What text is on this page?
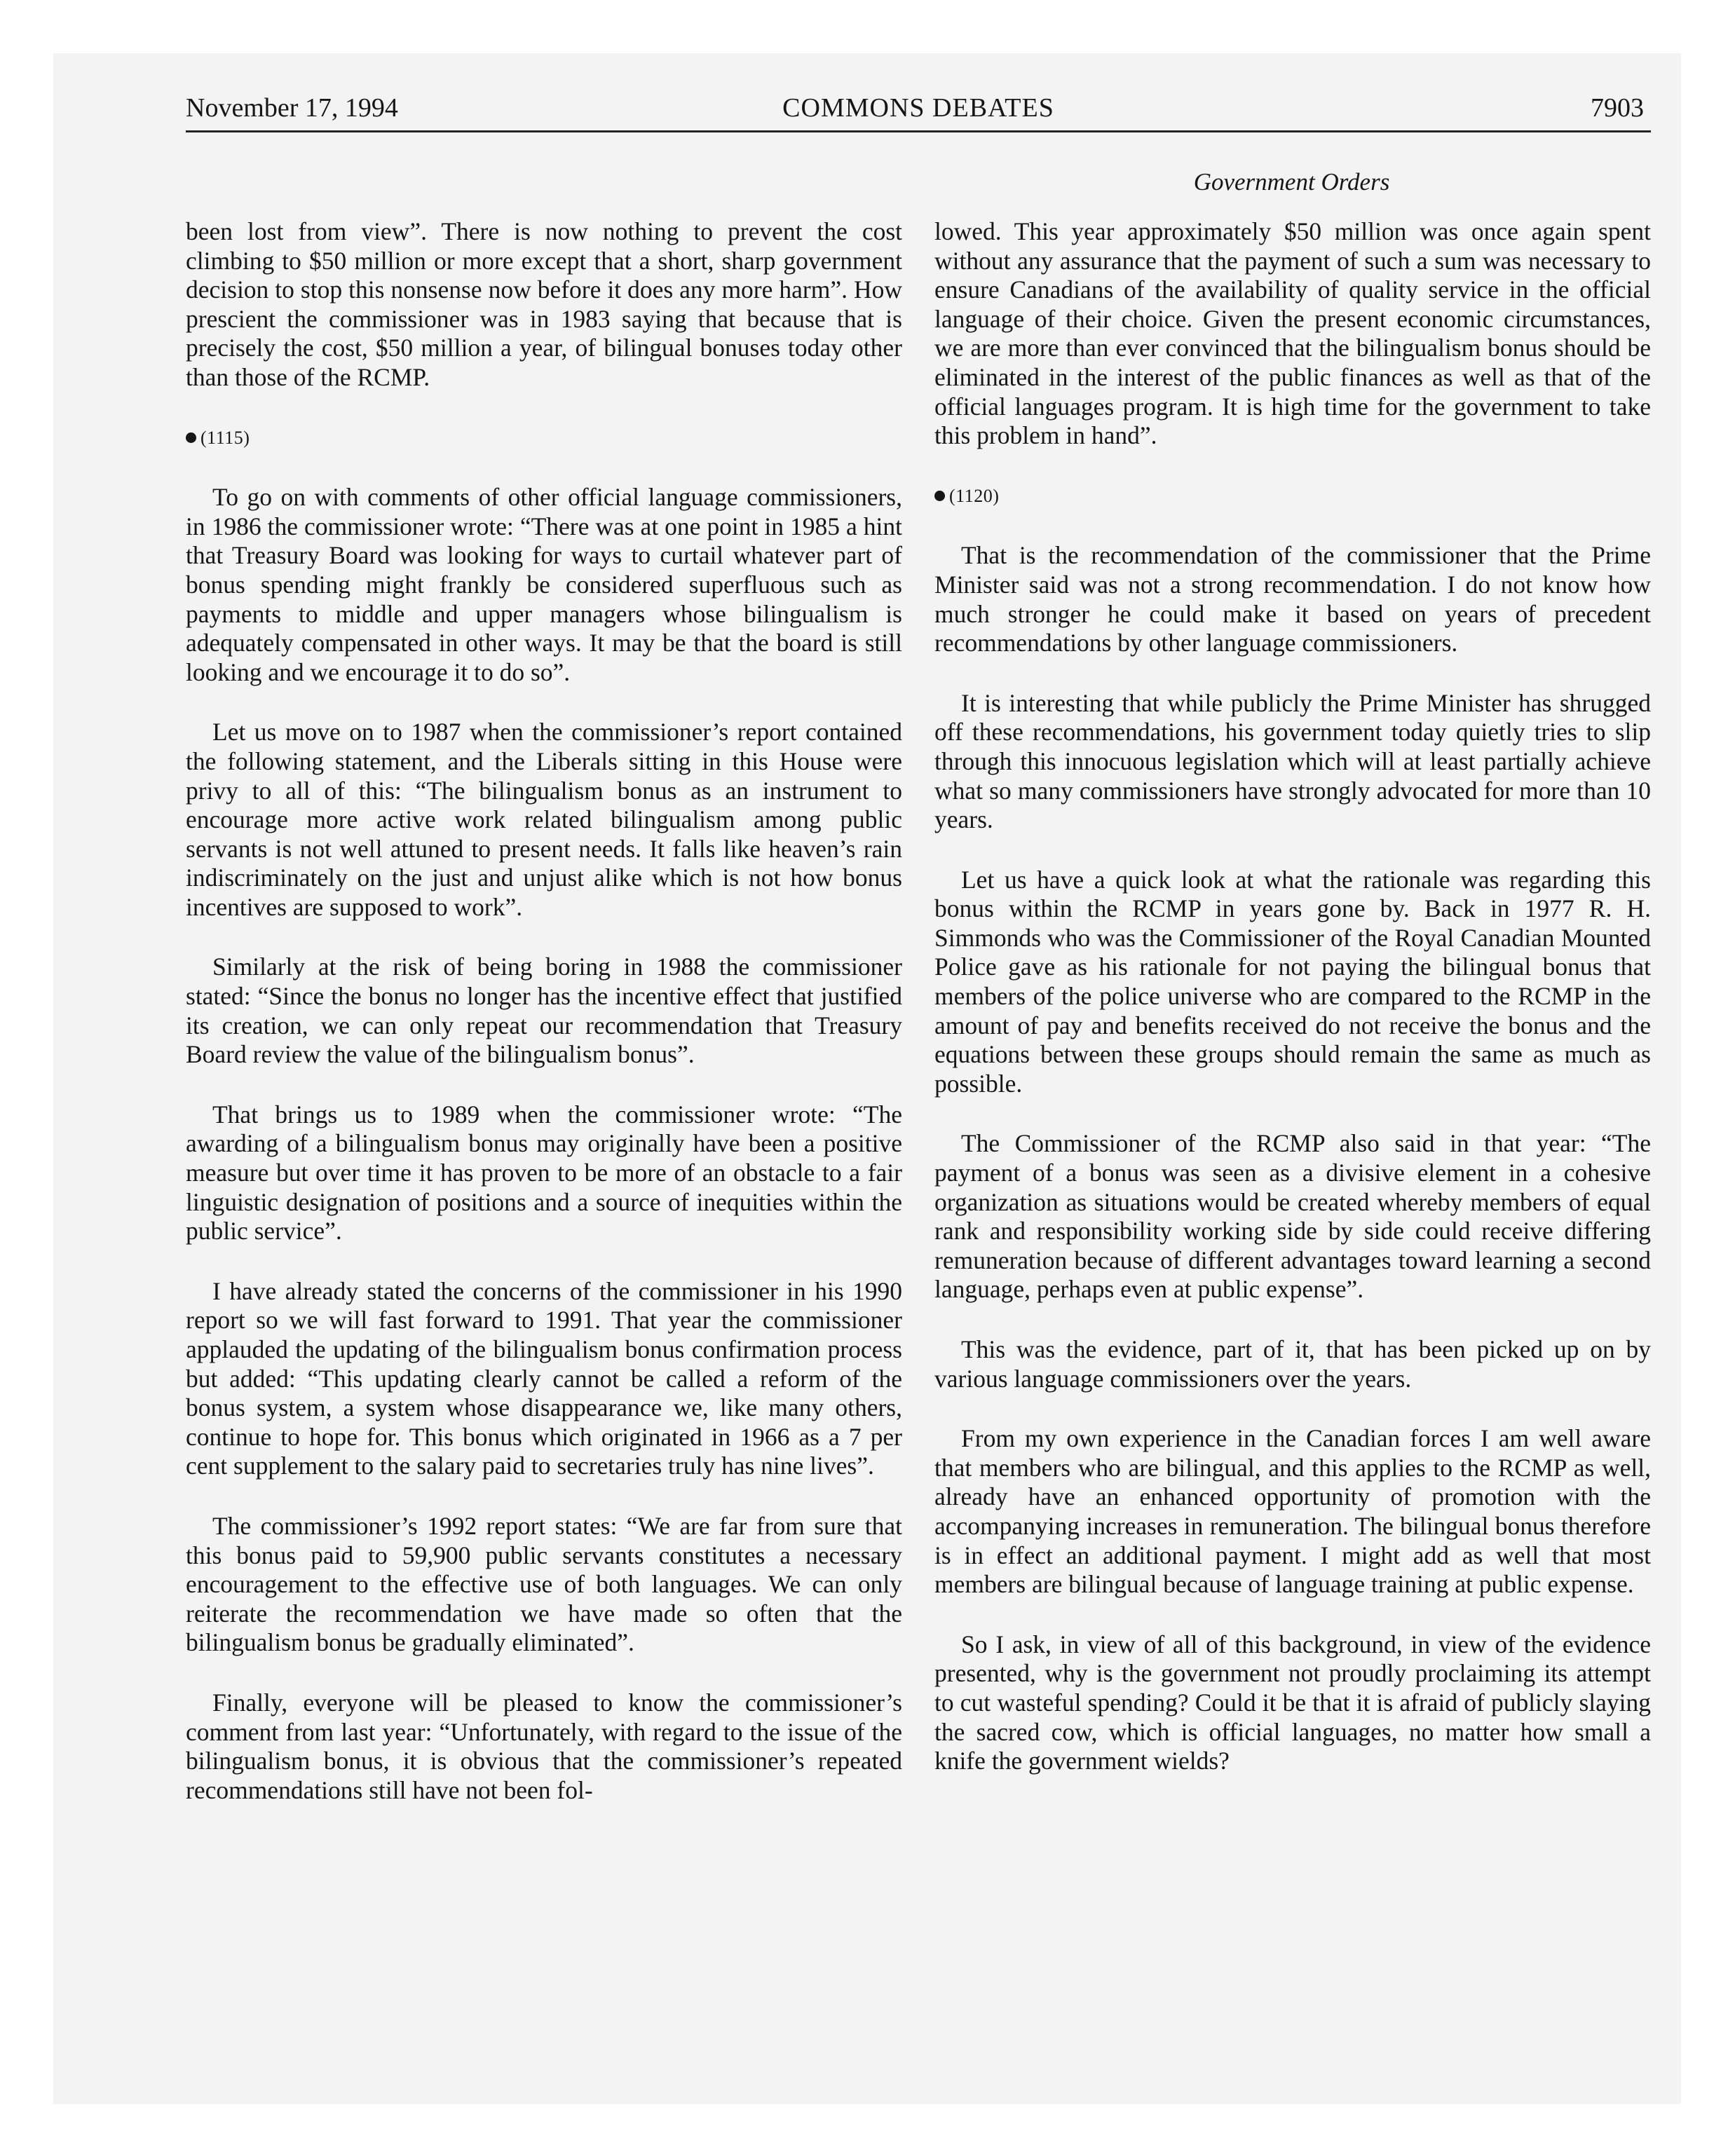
November 17, 1994	COMMONS DEBATES	7903
Government Orders

been lost from view”. There is now nothing to prevent the cost climbing to $50 million or more except that a short, sharp government decision to stop this nonsense now before it does any more harm”. How prescient the commissioner was in 1983 saying that because that is precisely the cost, $50 million a year, of bilingual bonuses today other than those of the RCMP.

(1115)

To go on with comments of other official language commissioners, in 1986 the commissioner wrote: “There was at one point in 1985 a hint that Treasury Board was looking for ways to curtail whatever part of bonus spending might frankly be considered superfluous such as payments to middle and upper managers whose bilingualism is adequately compensated in other ways. It may be that the board is still looking and we encourage it to do so”.

Let us move on to 1987 when the commissioner’s report contained the following statement, and the Liberals sitting in this House were privy to all of this: “The bilingualism bonus as an instrument to encourage more active work related bilingualism among public servants is not well attuned to present needs. It falls like heaven’s rain indiscriminately on the just and unjust alike which is not how bonus incentives are supposed to work”.

Similarly at the risk of being boring in 1988 the commissioner stated: “Since the bonus no longer has the incentive effect that justified its creation, we can only repeat our recommendation that Treasury Board review the value of the bilingualism bonus”.

That brings us to 1989 when the commissioner wrote: “The awarding of a bilingualism bonus may originally have been a positive measure but over time it has proven to be more of an obstacle to a fair linguistic designation of positions and a source of inequities within the public service”.

I have already stated the concerns of the commissioner in his 1990 report so we will fast forward to 1991. That year the commissioner applauded the updating of the bilingualism bonus confirmation process but added: “This updating clearly cannot be called a reform of the bonus system, a system whose disappearance we, like many others, continue to hope for. This bonus which originated in 1966 as a 7 per cent supplement to the salary paid to secretaries truly has nine lives”.

The commissioner’s 1992 report states: “We are far from sure that this bonus paid to 59,900 public servants constitutes a necessary encouragement to the effective use of both languages. We can only reiterate the recommendation we have made so often that the bilingualism bonus be gradually eliminated”.

Finally, everyone will be pleased to know the commissioner’s comment from last year: “Unfortunately, with regard to the issue of the bilingualism bonus, it is obvious that the commissioner’s repeated recommendations still have not been fol-

lowed. This year approximately $50 million was once again spent without any assurance that the payment of such a sum was necessary to ensure Canadians of the availability of quality service in the official language of their choice. Given the present economic circumstances, we are more than ever convinced that the bilingualism bonus should be eliminated in the interest of the public finances as well as that of the official languages program. It is high time for the government to take this problem in hand”.

(1120)

That is the recommendation of the commissioner that the Prime Minister said was not a strong recommendation. I do not know how much stronger he could make it based on years of precedent recommendations by other language commissioners.

It is interesting that while publicly the Prime Minister has shrugged off these recommendations, his government today quietly tries to slip through this innocuous legislation which will at least partially achieve what so many commissioners have strongly advocated for more than 10 years.

Let us have a quick look at what the rationale was regarding this bonus within the RCMP in years gone by. Back in 1977 R. H. Simmonds who was the Commissioner of the Royal Canadian Mounted Police gave as his rationale for not paying the bilingual bonus that members of the police universe who are compared to the RCMP in the amount of pay and benefits received do not receive the bonus and the equations between these groups should remain the same as much as possible.

The Commissioner of the RCMP also said in that year: “The payment of a bonus was seen as a divisive element in a cohesive organization as situations would be created whereby members of equal rank and responsibility working side by side could receive differing remuneration because of different advantages toward learning a second language, perhaps even at public expense”.

This was the evidence, part of it, that has been picked up on by various language commissioners over the years.

From my own experience in the Canadian forces I am well aware that members who are bilingual, and this applies to the RCMP as well, already have an enhanced opportunity of promotion with the accompanying increases in remuneration. The bilingual bonus therefore is in effect an additional payment. I might add as well that most members are bilingual because of language training at public expense.

So I ask, in view of all of this background, in view of the evidence presented, why is the government not proudly proclaiming its attempt to cut wasteful spending? Could it be that it is afraid of publicly slaying the sacred cow, which is official languages, no matter how small a knife the government wields?
